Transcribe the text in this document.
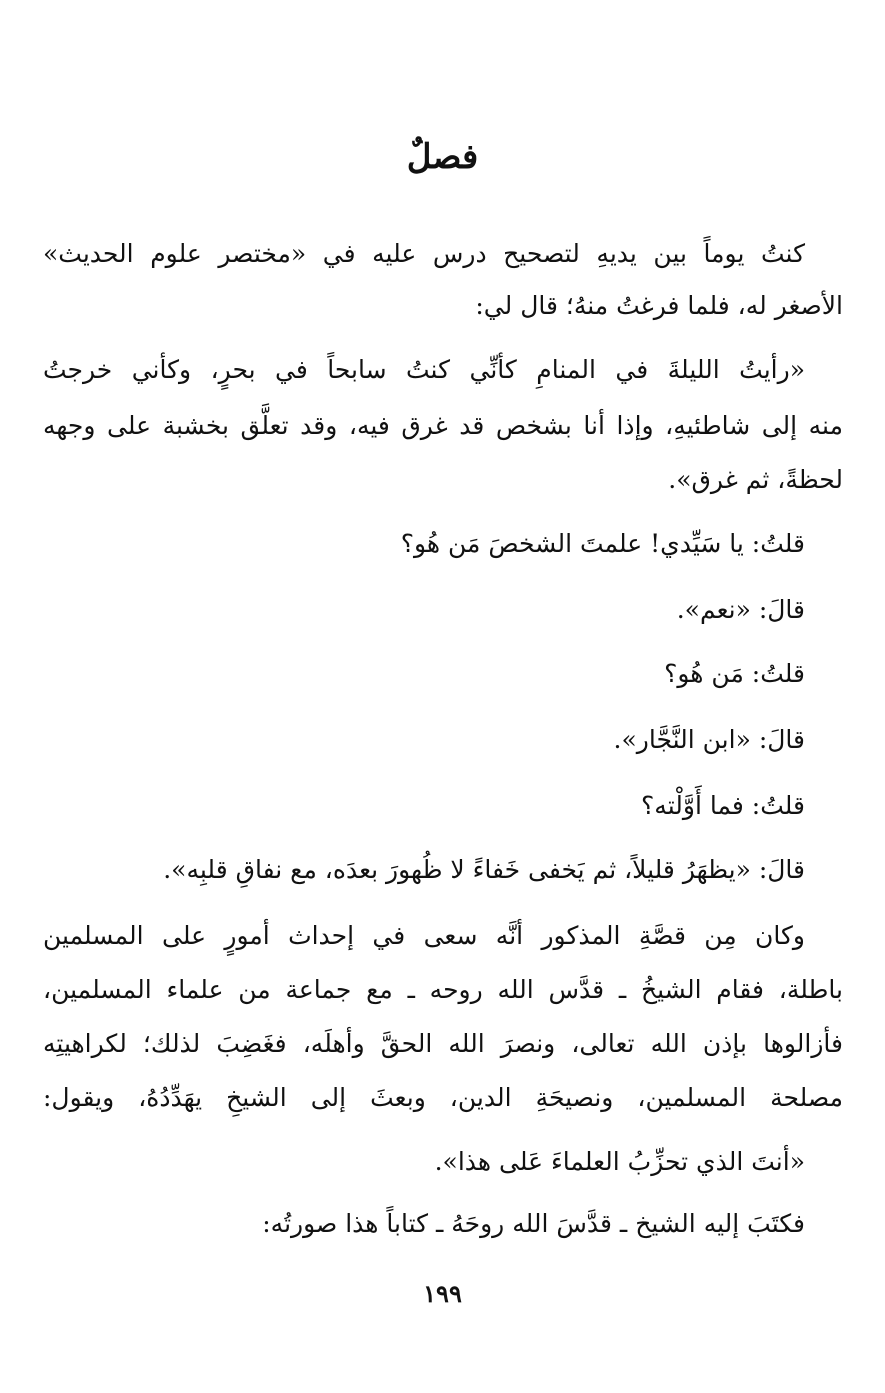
فصلٌ
كنتُ يوماً بين يديهِ لتصحيح درس عليه في «مختصر علوم الحديث»
الأصغر له، فلما فرغتُ منهُ؛ قال لي:
«رأيتُ الليلةَ في المنامِ كأنِّي كنتُ سابحاً في بحرٍ، وكأني خرجتُ
منه إلى شاطئيهِ، وإذا أنا بشخص قد غرق فيه، وقد تعلَّق بخشبة على وجهه
لحظةً، ثم غرق».
قلتُ: يا سَيِّدي! علمتَ الشخصَ مَن هُو؟
قالَ: «نعم».
قلتُ: مَن هُو؟
قالَ: «ابن النَّجَّار».
قلتُ: فما أَوَّلْته؟
قالَ: «يظهَرُ قليلاً، ثم يَخفى خَفاءً لا ظُهورَ بعدَه، مع نفاقِ قلبِه».
وكان مِن قصَّةِ المذكور أنَّه سعى في إحداث أمورٍ على المسلمين
باطلة، فقام الشيخُ ـ قدَّس الله روحه ـ مع جماعة من علماء المسلمين،
فأزالوها بإذن الله تعالى، ونصرَ الله الحقَّ وأهلَه، فغَضِبَ لذلك؛ لكراهيتِه
مصلحة المسلمين، ونصيحَةِ الدين، وبعثَ إلى الشيخِ يهَدِّدُهُ، ويقول:
«أنتَ الذي تحزِّبُ العلماءَ عَلى هذا».
فكتَبَ إليه الشيخ ـ قدَّسَ الله روحَهُ ـ كتاباً هذا صورتُه:
١٩٩
